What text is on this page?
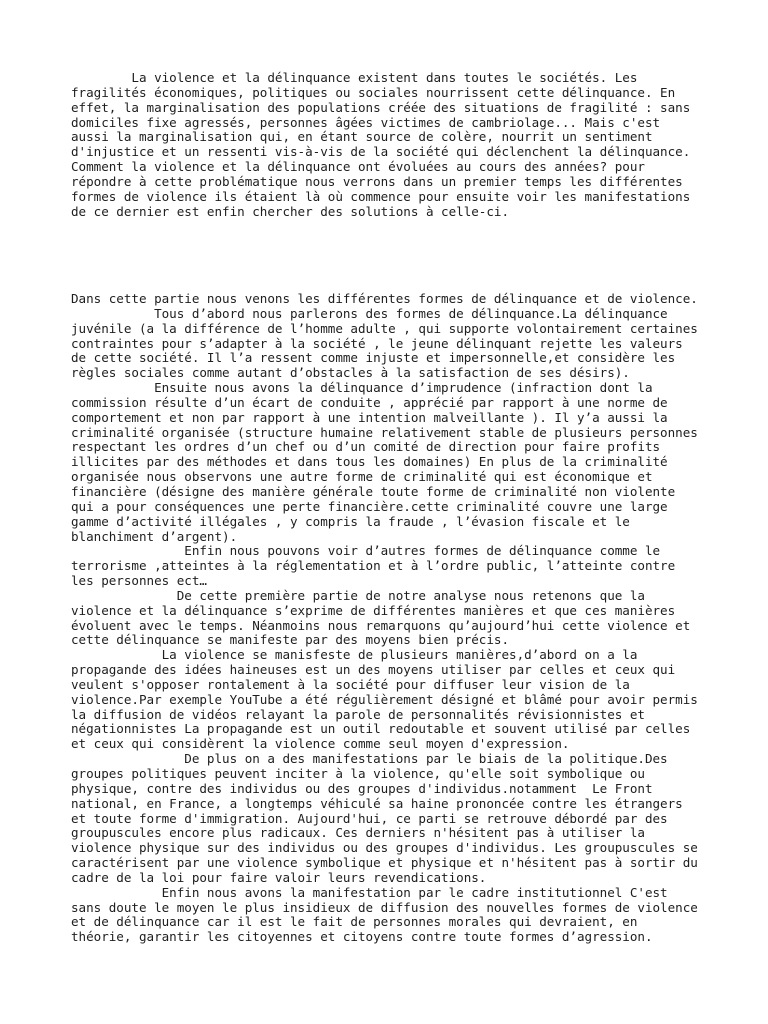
La violence et la délinquance existent dans toutes le sociétés. Les
fragilités économiques, politiques ou sociales nourrissent cette délinquance. En
effet, la marginalisation des populations créée des situations de fragilité : sans
domiciles fixe agressés, personnes âgées victimes de cambriolage... Mais c'est
aussi la marginalisation qui, en étant source de colère, nourrit un sentiment
d'injustice et un ressenti vis-à-vis de la société qui déclenchent la délinquance.
Comment la violence et la délinquance ont évoluées au cours des années? pour
répondre à cette problématique nous verrons dans un premier temps les différentes
formes de violence ils étaient là où commence pour ensuite voir les manifestations
de ce dernier est enfin chercher des solutions à celle-ci.
Dans cette partie nous venons les différentes formes de délinquance et de violence.
Tous d’abord nous parlerons des formes de délinquance.La délinquance
juvénile (a la différence de l’homme adulte , qui supporte volontairement certaines
contraintes pour s’adapter à la société , le jeune délinquant rejette les valeurs
de cette société. Il l’a ressent comme injuste et impersonnelle,et considère les
règles sociales comme autant d’obstacles à la satisfaction de ses désirs).
Ensuite nous avons la délinquance d’imprudence (infraction dont la
commission résulte d’un écart de conduite , apprécié par rapport à une norme de
comportement et non par rapport à une intention malveillante ). Il y’a aussi la
criminalité organisée (structure humaine relativement stable de plusieurs personnes
respectant les ordres d’un chef ou d’un comité de direction pour faire profits
illicites par des méthodes et dans tous les domaines) En plus de la criminalité
organisée nous observons une autre forme de criminalité qui est économique et
financière (désigne des manière générale toute forme de criminalité non violente
qui a pour conséquences une perte financière.cette criminalité couvre une large
gamme d’activité illégales , y compris la fraude , l’évasion fiscale et le
blanchiment d’argent).
Enfin nous pouvons voir d’autres formes de délinquance comme le
terrorisme ,atteintes à la réglementation et à l’ordre public, l’atteinte contre
les personnes ect…
De cette première partie de notre analyse nous retenons que la
violence et la délinquance s’exprime de différentes manières et que ces manières
évoluent avec le temps. Néanmoins nous remarquons qu’aujourd’hui cette violence et
cette délinquance se manifeste par des moyens bien précis.
La violence se manisfeste de plusieurs manières,d’abord on a la
propagande des idées haineuses est un des moyens utiliser par celles et ceux qui
veulent s'opposer rontalement à la société pour diffuser leur vision de la
violence.Par exemple YouTube a été régulièrement désigné et blâmé pour avoir permis
la diffusion de vidéos relayant la parole de personnalités révisionnistes et
négationnistes La propagande est un outil redoutable et souvent utilisé par celles
et ceux qui considèrent la violence comme seul moyen d'expression.
De plus on a des manifestations par le biais de la politique.Des
groupes politiques peuvent inciter à la violence, qu'elle soit symbolique ou
physique, contre des individus ou des groupes d'individus.notamment  Le Front
national, en France, a longtemps véhiculé sa haine prononcée contre les étrangers
et toute forme d'immigration. Aujourd'hui, ce parti se retrouve débordé par des
groupuscules encore plus radicaux. Ces derniers n'hésitent pas à utiliser la
violence physique sur des individus ou des groupes d'individus. Les groupuscules se
caractérisent par une violence symbolique et physique et n'hésitent pas à sortir du
cadre de la loi pour faire valoir leurs revendications.
Enfin nous avons la manifestation par le cadre institutionnel C'est
sans doute le moyen le plus insidieux de diffusion des nouvelles formes de violence
et de délinquance car il est le fait de personnes morales qui devraient, en
théorie, garantir les citoyennes et citoyens contre toute formes d’agression.
